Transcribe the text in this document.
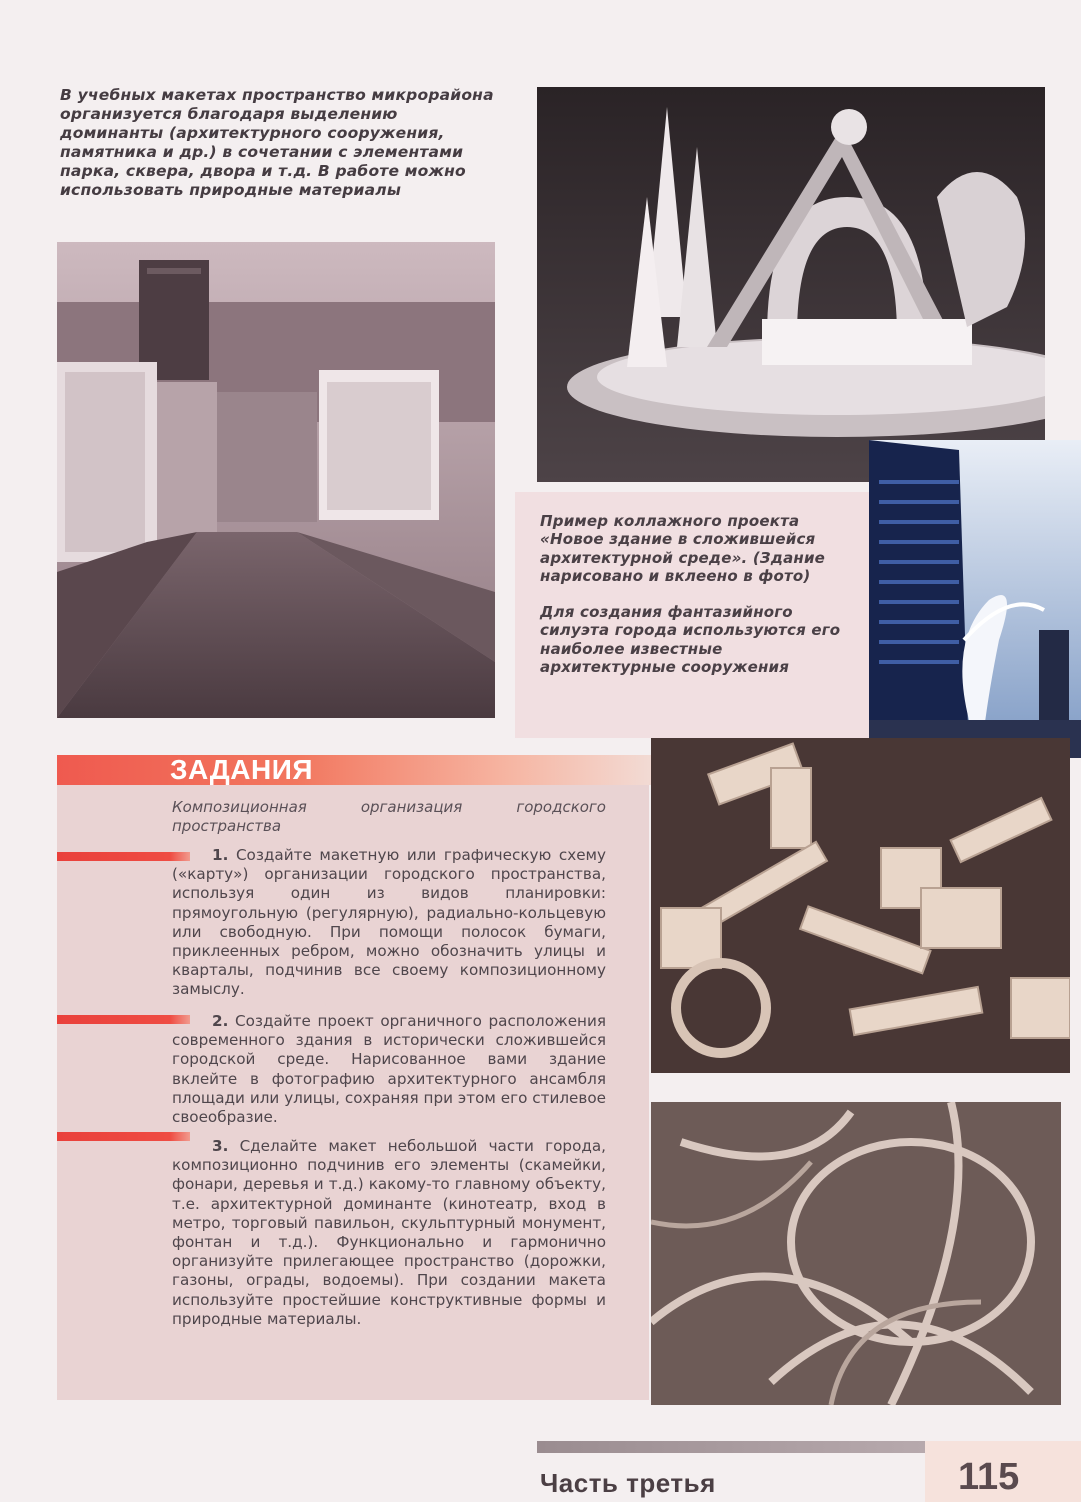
В учебных макетах пространство микрорайона организуется благодаря выделению доминанты (архитектурного сооружения, памятника и др.) в сочетании с элементами парка, сквера, двора и т.д. В работе можно использовать природные материалы

Пример коллажного проекта «Новое здание в сложившейся архитектурной среде». (Здание нарисовано и вклеено в фото)

Для создания фантазийного силуэта города используются его наиболее известные архитектурные сооружения

ЗАДАНИЯ
Композиционная организация городского пространства
1. Создайте макетную или графическую схему («карту») организации городского пространства, используя один из видов планировки: прямоугольную (регулярную), радиально-кольцевую или свободную. При помощи полосок бумаги, приклеенных ребром, можно обозначить улицы и кварталы, подчинив все своему композиционному замыслу.
2. Создайте проект органичного расположения современного здания в исторически сложившейся городской среде. Нарисованное вами здание вклейте в фотографию архитектурного ансамбля площади или улицы, сохраняя при этом его стилевое своеобразие.
3. Сделайте макет небольшой части города, композиционно подчинив его элементы (скамейки, фонари, деревья и т.д.) какому-то главному объекту, т.е. архитектурной доминанте (кинотеатр, вход в метро, торговый павильон, скульптурный монумент, фонтан и т.д.). Функционально и гармонично организуйте прилегающее пространство (дорожки, газоны, ограды, водоемы). При создании макета используйте простейшие конструктивные формы и природные материалы.
Часть третья	115
